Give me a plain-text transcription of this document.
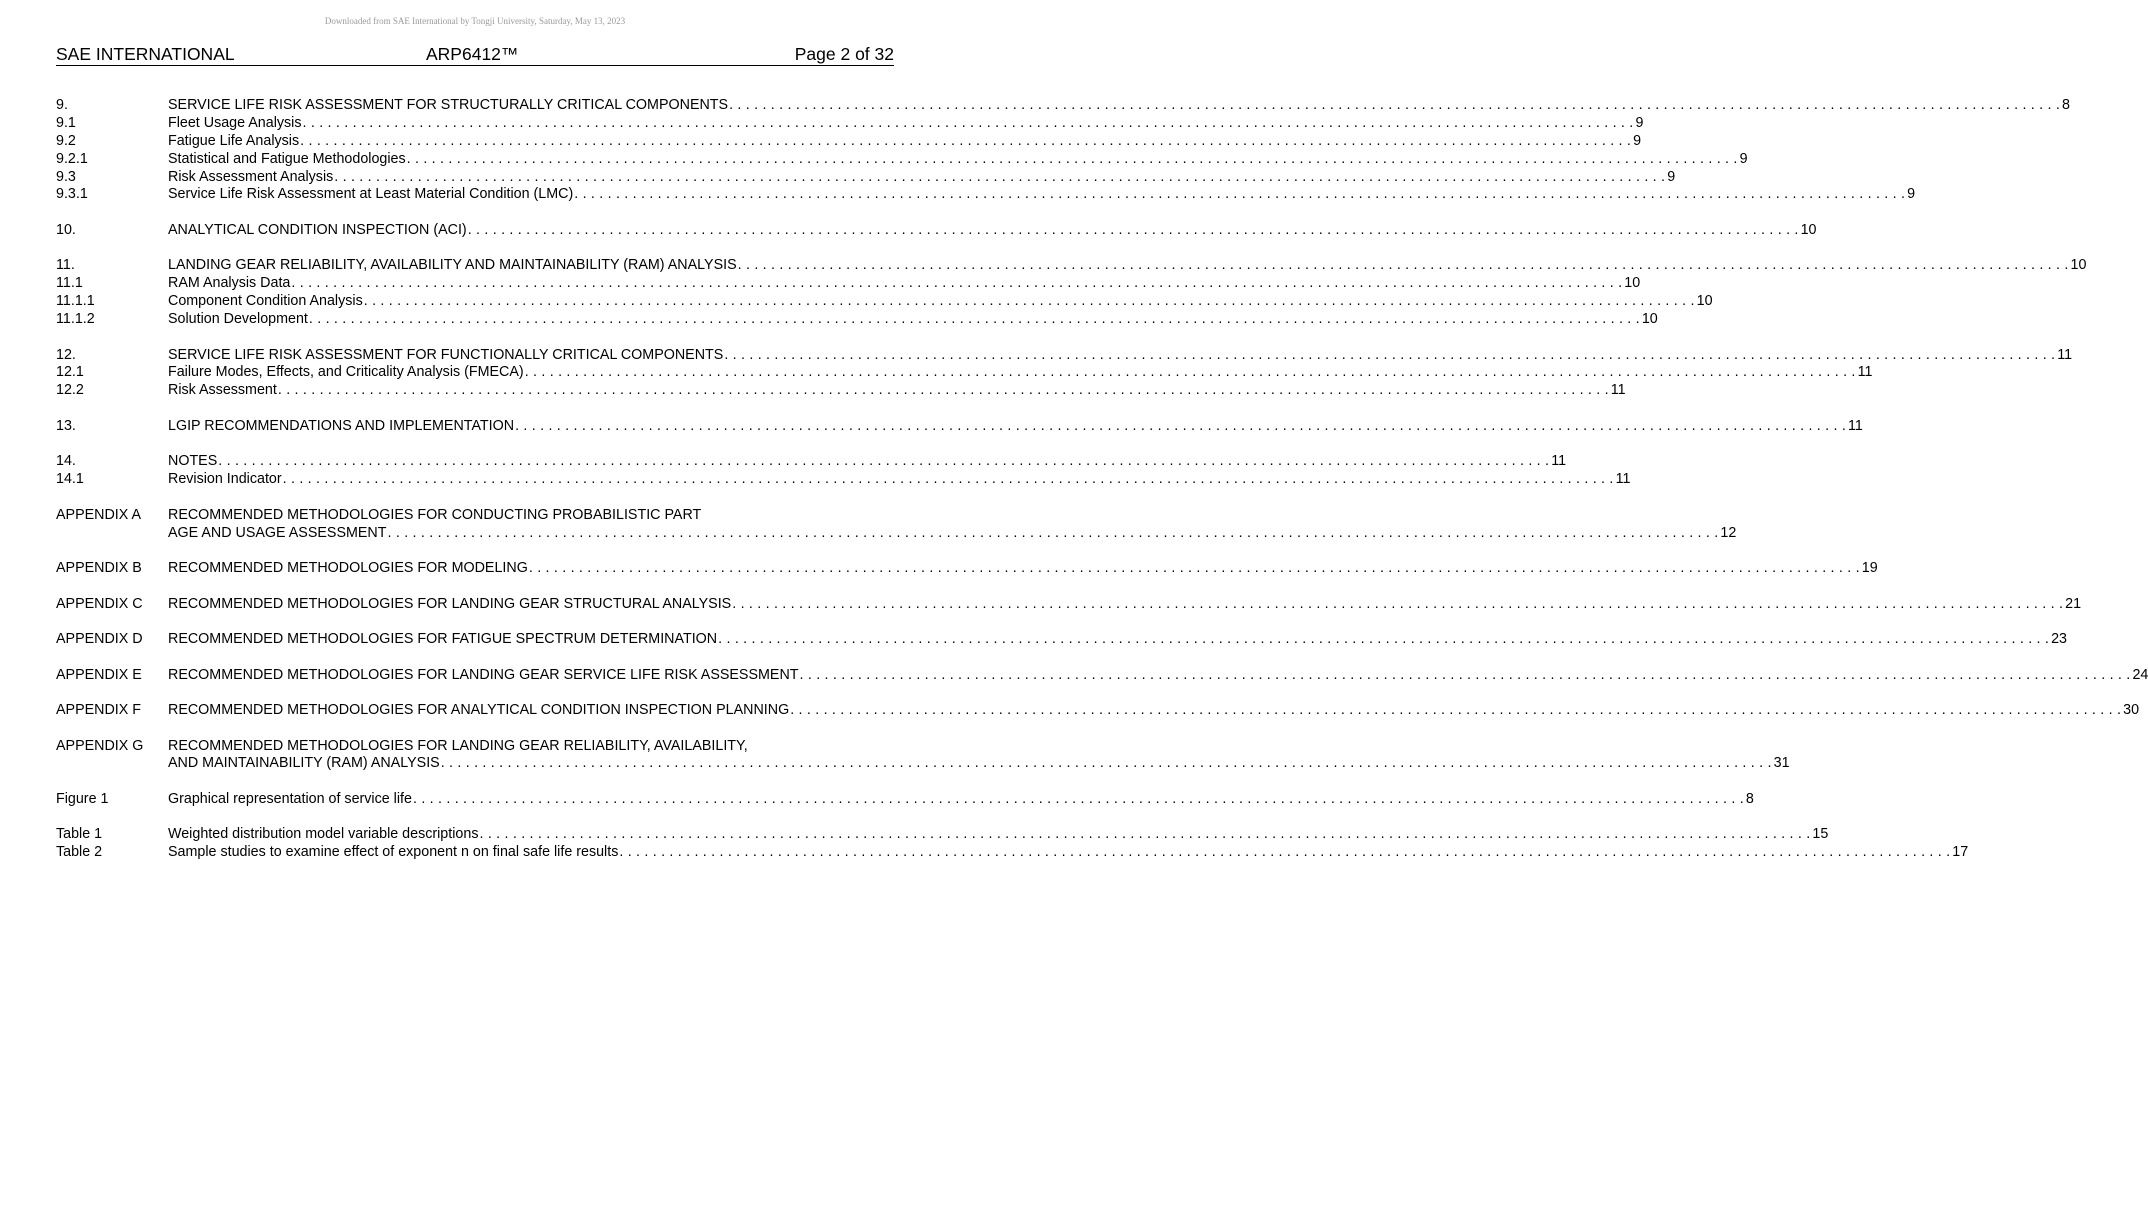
Downloaded from SAE International by Tongji University, Saturday, May 13, 2023
SAE INTERNATIONAL	ARP6412™	Page 2 of 32
9.	SERVICE LIFE RISK ASSESSMENT FOR STRUCTURALLY CRITICAL COMPONENTS . . . . . . . . . . . . . . . . . . . . . . . . . . . . . . . . . . . . . . . . . . . . . . . . . . . . . . . . . . . . . . . . . . . . . . . . . . . . . . . . . . . . . . . . . . . . . . . . . . . . . . . . . . . . . . . . . . . . . . . . . . . . . . . . . . . . . . . . . . . . . . . . . . . . . . . . . . . . . . . . 8
9.1	Fleet Usage Analysis . . . . . . . . . . . . . . . . . . . . . . . . . . . . . . . . . . . . . . . . . . . . . . . . . . . . . . . . . . . . . . . . . . . . . . . . . . . . . . . . . . . . . . . . . . . . . . . . . . . . . . . . . . . . . . . . . . . . . . . . . . . . . . . . . . . . . . . . . . . . . . . . . . . . . . . . . . . . . . . . 9
9.2	Fatigue Life Analysis . . . . . . . . . . . . . . . . . . . . . . . . . . . . . . . . . . . . . . . . . . . . . . . . . . . . . . . . . . . . . . . . . . . . . . . . . . . . . . . . . . . . . . . . . . . . . . . . . . . . . . . . . . . . . . . . . . . . . . . . . . . . . . . . . . . . . . . . . . . . . . . . . . . . . . . . . . . . . . . . 9
9.2.1	Statistical and Fatigue Methodologies . . . . . . . . . . . . . . . . . . . . . . . . . . . . . . . . . . . . . . . . . . . . . . . . . . . . . . . . . . . . . . . . . . . . . . . . . . . . . . . . . . . . . . . . . . . . . . . . . . . . . . . . . . . . . . . . . . . . . . . . . . . . . . . . . . . . . . . . . . . . . . . . . . . . . . . . . . . . . . . . 9
9.3	Risk Assessment Analysis . . . . . . . . . . . . . . . . . . . . . . . . . . . . . . . . . . . . . . . . . . . . . . . . . . . . . . . . . . . . . . . . . . . . . . . . . . . . . . . . . . . . . . . . . . . . . . . . . . . . . . . . . . . . . . . . . . . . . . . . . . . . . . . . . . . . . . . . . . . . . . . . . . . . . . . . . . . . . . . . 9
9.3.1	Service Life Risk Assessment at Least Material Condition (LMC) . . . . . . . . . . . . . . . . . . . . . . . . . . . . . . . . . . . . . . . . . . . . . . . . . . . . . . . . . . . . . . . . . . . . . . . . . . . . . . . . . . . . . . . . . . . . . . . . . . . . . . . . . . . . . . . . . . . . . . . . . . . . . . . . . . . . . . . . . . . . . . . . . . . . . . . . . . . . . . . . 9
10.	ANALYTICAL CONDITION INSPECTION (ACI) . . . . . . . . . . . . . . . . . . . . . . . . . . . . . . . . . . . . . . . . . . . . . . . . . . . . . . . . . . . . . . . . . . . . . . . . . . . . . . . . . . . . . . . . . . . . . . . . . . . . . . . . . . . . . . . . . . . . . . . . . . . . . . . . . . . . . . . . . . . . . . . . . . . . . . . . . . . . . . . . 10
11.	LANDING GEAR RELIABILITY, AVAILABILITY AND MAINTAINABILITY (RAM) ANALYSIS . . . . . . . . . . . . . . . . . . . . . . . . . . . . . . . . . . . . . . . . . . . . . . . . . . . . . . . . . . . . . . . . . . . . . . . . . . . . . . . . . . . . . . . . . . . . . . . . . . . . . . . . . . . . . . . . . . . . . . . . . . . . . . . . . . . . . . . . . . . . . . . . . . . . . . . . . . . . . . . . 10
11.1	RAM Analysis Data . . . . . . . . . . . . . . . . . . . . . . . . . . . . . . . . . . . . . . . . . . . . . . . . . . . . . . . . . . . . . . . . . . . . . . . . . . . . . . . . . . . . . . . . . . . . . . . . . . . . . . . . . . . . . . . . . . . . . . . . . . . . . . . . . . . . . . . . . . . . . . . . . . . . . . . . . . . . . . . . 10
11.1.1	Component Condition Analysis . . . . . . . . . . . . . . . . . . . . . . . . . . . . . . . . . . . . . . . . . . . . . . . . . . . . . . . . . . . . . . . . . . . . . . . . . . . . . . . . . . . . . . . . . . . . . . . . . . . . . . . . . . . . . . . . . . . . . . . . . . . . . . . . . . . . . . . . . . . . . . . . . . . . . . . . . . . . . . . . 10
11.1.2	Solution Development . . . . . . . . . . . . . . . . . . . . . . . . . . . . . . . . . . . . . . . . . . . . . . . . . . . . . . . . . . . . . . . . . . . . . . . . . . . . . . . . . . . . . . . . . . . . . . . . . . . . . . . . . . . . . . . . . . . . . . . . . . . . . . . . . . . . . . . . . . . . . . . . . . . . . . . . . . . . . . . . 10
12.	SERVICE LIFE RISK ASSESSMENT FOR FUNCTIONALLY CRITICAL COMPONENTS . . . . . . . . . . . . . . . . . . . . . . . . . . . . . . . . . . . . . . . . . . . . . . . . . . . . . . . . . . . . . . . . . . . . . . . . . . . . . . . . . . . . . . . . . . . . . . . . . . . . . . . . . . . . . . . . . . . . . . . . . . . . . . . . . . . . . . . . . . . . . . . . . . . . . . . . . . . . . . . . 11
12.1	Failure Modes, Effects, and Criticality Analysis (FMECA) . . . . . . . . . . . . . . . . . . . . . . . . . . . . . . . . . . . . . . . . . . . . . . . . . . . . . . . . . . . . . . . . . . . . . . . . . . . . . . . . . . . . . . . . . . . . . . . . . . . . . . . . . . . . . . . . . . . . . . . . . . . . . . . . . . . . . . . . . . . . . . . . . . . . . . . . . . . . . . . . 11
12.2	Risk Assessment . . . . . . . . . . . . . . . . . . . . . . . . . . . . . . . . . . . . . . . . . . . . . . . . . . . . . . . . . . . . . . . . . . . . . . . . . . . . . . . . . . . . . . . . . . . . . . . . . . . . . . . . . . . . . . . . . . . . . . . . . . . . . . . . . . . . . . . . . . . . . . . . . . . . . . . . . . . . . . . . 11
13.	LGIP RECOMMENDATIONS AND IMPLEMENTATION . . . . . . . . . . . . . . . . . . . . . . . . . . . . . . . . . . . . . . . . . . . . . . . . . . . . . . . . . . . . . . . . . . . . . . . . . . . . . . . . . . . . . . . . . . . . . . . . . . . . . . . . . . . . . . . . . . . . . . . . . . . . . . . . . . . . . . . . . . . . . . . . . . . . . . . . . . . . . . . . 11
14.	NOTES . . . . . . . . . . . . . . . . . . . . . . . . . . . . . . . . . . . . . . . . . . . . . . . . . . . . . . . . . . . . . . . . . . . . . . . . . . . . . . . . . . . . . . . . . . . . . . . . . . . . . . . . . . . . . . . . . . . . . . . . . . . . . . . . . . . . . . . . . . . . . . . . . . . . . . . . . . . . . . . . 11
14.1	Revision Indicator . . . . . . . . . . . . . . . . . . . . . . . . . . . . . . . . . . . . . . . . . . . . . . . . . . . . . . . . . . . . . . . . . . . . . . . . . . . . . . . . . . . . . . . . . . . . . . . . . . . . . . . . . . . . . . . . . . . . . . . . . . . . . . . . . . . . . . . . . . . . . . . . . . . . . . . . . . . . . . . . 11
APPENDIX A RECOMMENDED METHODOLOGIES FOR CONDUCTING PROBABILISTIC PART
AGE AND USAGE ASSESSMENT . . . . . . . . . . . . . . . . . . . . . . . . . . . . . . . . . . . . . . . . . . . . . . . . . . . . . . . . . . . . . . . . . . . . . . . . . . . . . . . . . . . . . . . . . . . . . . . . . . . . . . . . . . . . . . . . . . . . . . . . . . . . . . . . . . . . . . . . . . . . . . . . . . . . . . . . . . . . . . . . 12
APPENDIX B RECOMMENDED METHODOLOGIES FOR MODELING . . . . . . . . . . . . . . . . . . . . . . . . . . . . . . . . . . . . . . . . . . . . . . . . . . . . . . . . . . . . . . . . . . . . . . . . . . . . . . . . . . . . . . . . . . . . . . . . . . . . . . . . . . . . . . . . . . . . . . . . . . . . . . . . . . . . . . . . . . . . . . . . . . . . . . . . . . . . . . . . 19
APPENDIX C RECOMMENDED METHODOLOGIES FOR LANDING GEAR STRUCTURAL ANALYSIS . . . . . . . . . . . . . . . . . . . . . . . . . . . . . . . . . . . . . . . . . . . . . . . . . . . . . . . . . . . . . . . . . . . . . . . . . . . . . . . . . . . . . . . . . . . . . . . . . . . . . . . . . . . . . . . . . . . . . . . . . . . . . . . . . . . . . . . . . . . . . . . . . . . . . . . . . . . . . . . . 21
APPENDIX D RECOMMENDED METHODOLOGIES FOR FATIGUE SPECTRUM DETERMINATION . . . . . . . . . . . . . . . . . . . . . . . . . . . . . . . . . . . . . . . . . . . . . . . . . . . . . . . . . . . . . . . . . . . . . . . . . . . . . . . . . . . . . . . . . . . . . . . . . . . . . . . . . . . . . . . . . . . . . . . . . . . . . . . . . . . . . . . . . . . . . . . . . . . . . . . . . . . . . . . . 23
APPENDIX E RECOMMENDED METHODOLOGIES FOR LANDING GEAR SERVICE LIFE RISK ASSESSMENT . . . . . . . . . . . . . . . . . . . . . . . . . . . . . . . . . . . . . . . . . . . . . . . . . . . . . . . . . . . . . . . . . . . . . . . . . . . . . . . . . . . . . . . . . . . . . . . . . . . . . . . . . . . . . . . . . . . . . . . . . . . . . . . . . . . . . . . . . . . . . . . . . . . . . . . . . . . . . . . . 24
APPENDIX F RECOMMENDED METHODOLOGIES FOR ANALYTICAL CONDITION INSPECTION PLANNING . . . . . . . . . . . . . . . . . . . . . . . . . . . . . . . . . . . . . . . . . . . . . . . . . . . . . . . . . . . . . . . . . . . . . . . . . . . . . . . . . . . . . . . . . . . . . . . . . . . . . . . . . . . . . . . . . . . . . . . . . . . . . . . . . . . . . . . . . . . . . . . . . . . . . . . . . . . . . . . . 30
APPENDIX G RECOMMENDED METHODOLOGIES FOR LANDING GEAR RELIABILITY, AVAILABILITY,
AND MAINTAINABILITY (RAM) ANALYSIS . . . . . . . . . . . . . . . . . . . . . . . . . . . . . . . . . . . . . . . . . . . . . . . . . . . . . . . . . . . . . . . . . . . . . . . . . . . . . . . . . . . . . . . . . . . . . . . . . . . . . . . . . . . . . . . . . . . . . . . . . . . . . . . . . . . . . . . . . . . . . . . . . . . . . . . . . . . . . . . . 31
Figure 1	Graphical representation of service life . . . . . . . . . . . . . . . . . . . . . . . . . . . . . . . . . . . . . . . . . . . . . . . . . . . . . . . . . . . . . . . . . . . . . . . . . . . . . . . . . . . . . . . . . . . . . . . . . . . . . . . . . . . . . . . . . . . . . . . . . . . . . . . . . . . . . . . . . . . . . . . . . . . . . . . . . . . . . . . . 8
Table 1	Weighted distribution model variable descriptions . . . . . . . . . . . . . . . . . . . . . . . . . . . . . . . . . . . . . . . . . . . . . . . . . . . . . . . . . . . . . . . . . . . . . . . . . . . . . . . . . . . . . . . . . . . . . . . . . . . . . . . . . . . . . . . . . . . . . . . . . . . . . . . . . . . . . . . . . . . . . . . . . . . . . . . . . . . . . . . . 15
Table 2	Sample studies to examine effect of exponent n on final safe life results . . . . . . . . . . . . . . . . . . . . . . . . . . . . . . . . . . . . . . . . . . . . . . . . . . . . . . . . . . . . . . . . . . . . . . . . . . . . . . . . . . . . . . . . . . . . . . . . . . . . . . . . . . . . . . . . . . . . . . . . . . . . . . . . . . . . . . . . . . . . . . . . . . . . . . . . . . . . . . . . 17
